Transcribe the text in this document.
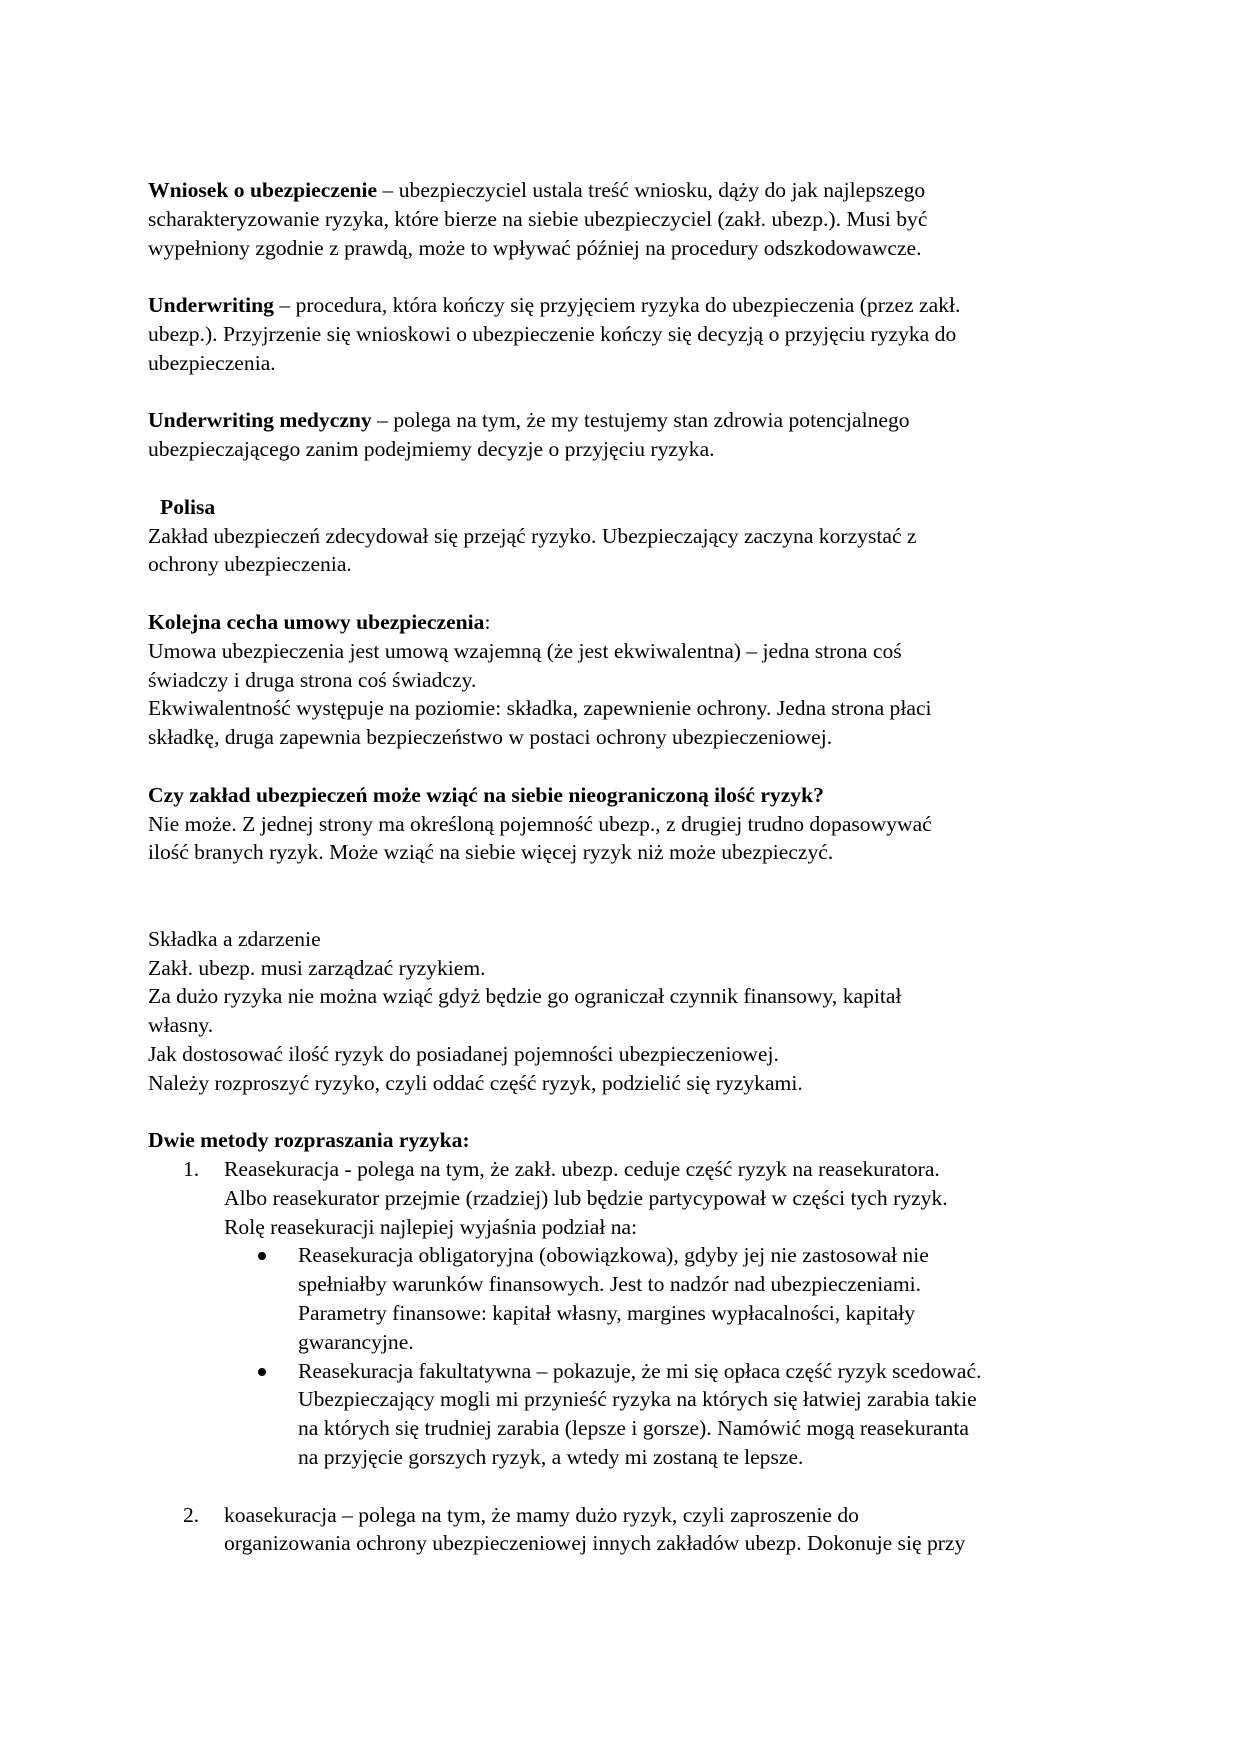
Wniosek o ubezpieczenie – ubezpieczyciel ustala treść wniosku, dąży do jak najlepszego
scharakteryzowanie ryzyka, które bierze na siebie ubezpieczyciel (zakł. ubezp.). Musi być
wypełniony zgodnie z prawdą, może to wpływać później na procedury odszkodowawcze.
Underwriting – procedura, która kończy się przyjęciem ryzyka do ubezpieczenia (przez zakł.
ubezp.). Przyjrzenie się wnioskowi o ubezpieczenie kończy się decyzją o przyjęciu ryzyka do
ubezpieczenia.
Underwriting medyczny – polega na tym, że my testujemy stan zdrowia potencjalnego
ubezpieczającego zanim podejmiemy decyzje o przyjęciu ryzyka.
Polisa
Zakład ubezpieczeń zdecydował się przejąć ryzyko. Ubezpieczający zaczyna korzystać z
ochrony ubezpieczenia.
Kolejna cecha umowy ubezpieczenia:
Umowa ubezpieczenia jest umową wzajemną (że jest ekwiwalentna) – jedna strona coś
świadczy i druga strona coś świadczy.
Ekwiwalentność występuje na poziomie: składka, zapewnienie ochrony. Jedna strona płaci
składkę, druga zapewnia bezpieczeństwo w postaci ochrony ubezpieczeniowej.
Czy zakład ubezpieczeń może wziąć na siebie nieograniczoną ilość ryzyk?
Nie może. Z jednej strony ma określoną pojemność ubezp., z drugiej trudno dopasowywać
ilość branych ryzyk. Może wziąć na siebie więcej ryzyk niż może ubezpieczyć.
Składka a zdarzenie
Zakł. ubezp. musi zarządzać ryzykiem.
Za dużo ryzyka nie można wziąć gdyż będzie go ograniczał czynnik finansowy, kapitał
własny.
Jak dostosować ilość ryzyk do posiadanej pojemności ubezpieczeniowej.
Należy rozproszyć ryzyko, czyli oddać część ryzyk, podzielić się ryzykami.
Dwie metody rozpraszania ryzyka:
1. Reasekuracja - polega na tym, że zakł. ubezp. ceduje część ryzyk na reasekuratora.
Albo reasekurator przejmie (rzadziej) lub będzie partycypował w części tych ryzyk.
Rolę reasekuracji najlepiej wyjaśnia podział na:
Reasekuracja obligatoryjna (obowiązkowa), gdyby jej nie zastosował nie
spełniałby warunków finansowych. Jest to nadzór nad ubezpieczeniami.
Parametry finansowe: kapitał własny, margines wypłacalności, kapitały
gwarancyjne.
Reasekuracja fakultatywna – pokazuje, że mi się opłaca część ryzyk scedować.
Ubezpieczający mogli mi przynieść ryzyka na których się łatwiej zarabia takie
na których się trudniej zarabia (lepsze i gorsze). Namówić mogą reasekuranta
na przyjęcie gorszych ryzyk, a wtedy mi zostaną te lepsze.
2. koasekuracja – polega na tym, że mamy dużo ryzyk, czyli zaproszenie do
organizowania ochrony ubezpieczeniowej innych zakładów ubezp. Dokonuje się przy
